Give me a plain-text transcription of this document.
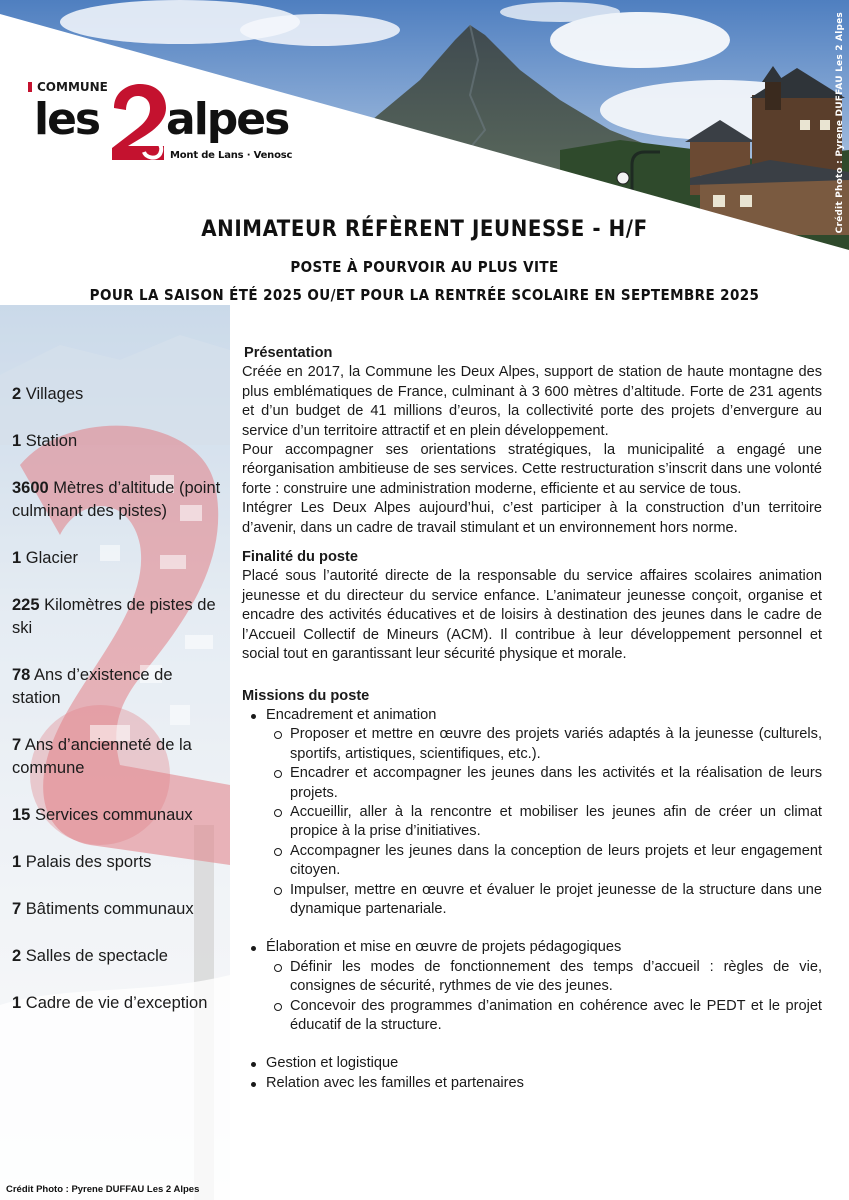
Crédit Photo : Pyrene DUFFAU Les 2 Alpes
COMMUNE
les alpes
Mont de Lans · Venosc
ANIMATEUR RÉFÈRENT JEUNESSE - H/F
POSTE À POURVOIR AU PLUS VITE
POUR LA SAISON ÉTÉ 2025 OU/ET POUR LA RENTRÉE SCOLAIRE EN SEPTEMBRE 2025
2 Villages
1 Station
3600 Mètres d’altitude (point culminant des pistes)
1 Glacier
225 Kilomètres de pistes de ski
78 Ans d’existence de station
7 Ans d’ancienneté de la commune
15 Services communaux
1 Palais des sports
7 Bâtiments communaux
2 Salles de spectacle
1 Cadre de vie d’exception
Crédit Photo : Pyrene DUFFAU Les 2 Alpes
Présentation

Créée en 2017, la Commune les Deux Alpes, support de station de haute montagne des plus emblématiques de France, culminant à 3 600 mètres d’altitude. Forte de 231 agents et d’un budget de 41 millions d’euros, la collectivité porte des projets d’envergure au service d’un territoire attractif et en plein développement.

Pour accompagner ses orientations stratégiques, la municipalité a engagé une réorganisation ambitieuse de ses services. Cette restructuration s’inscrit dans une volonté forte : construire une administration moderne, efficiente et au service de tous.

Intégrer Les Deux Alpes aujourd’hui, c’est participer à la construction d’un territoire d’avenir, dans un cadre de travail stimulant et un environnement hors norme.

Finalité du poste

Placé sous l’autorité directe de la responsable du service affaires scolaires animation jeunesse et du directeur du service enfance. L’animateur jeunesse conçoit, organise et encadre des activités éducatives et de loisirs à destination des jeunes dans le cadre de l’Accueil Collectif de Mineurs (ACM). Il contribue à leur développement personnel et social tout en garantissant leur sécurité physique et morale.

Missions du poste
Encadrement et animation
Proposer et mettre en œuvre des projets variés adaptés à la jeunesse (culturels, sportifs, artistiques, scientifiques, etc.).
Encadrer et accompagner les jeunes dans les activités et la réalisation de leurs projets.
Accueillir, aller à la rencontre et mobiliser les jeunes afin de créer un climat propice à la prise d’initiatives.
Accompagner les jeunes dans la conception de leurs projets et leur engagement citoyen.
Impulser, mettre en œuvre et évaluer le projet jeunesse de la structure dans une dynamique partenariale.
Élaboration et mise en œuvre de projets pédagogiques
Définir les modes de fonctionnement des temps d’accueil : règles de vie, consignes de sécurité, rythmes de vie des jeunes.
Concevoir des programmes d’animation en cohérence avec le PEDT et le projet éducatif de la structure.
Gestion et logistique
Relation avec les familles et partenaires
